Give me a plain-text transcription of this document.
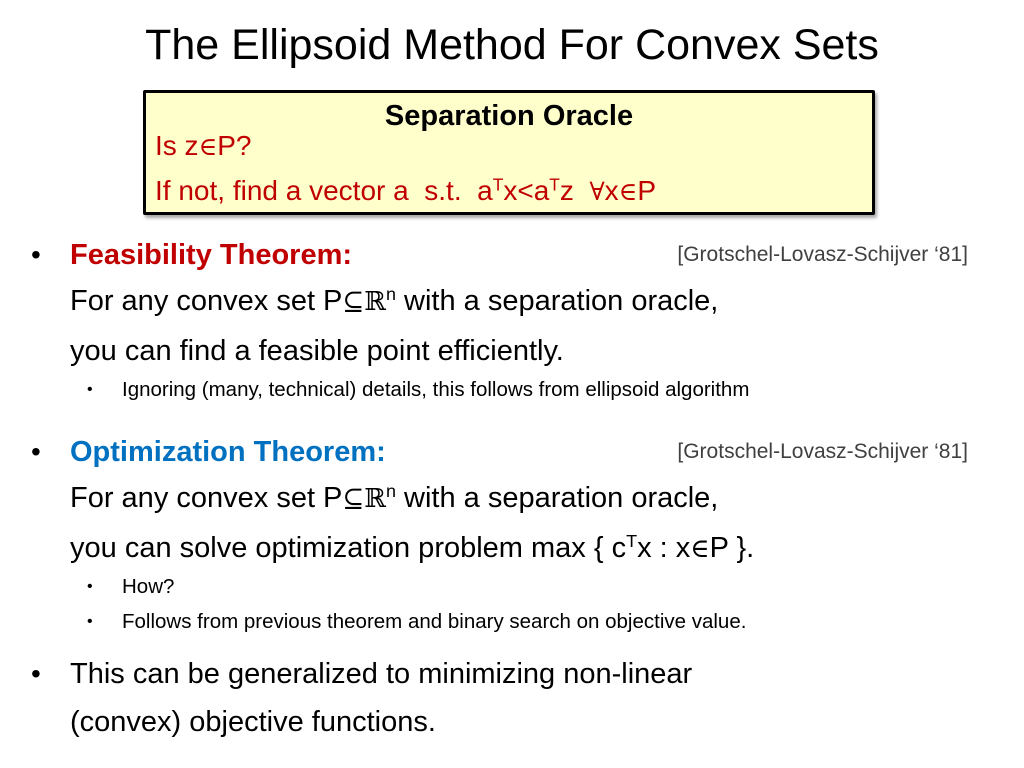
The Ellipsoid Method For Convex Sets
Separation Oracle
Is z∈P?
If not, find a vector a  s.t.  $a^Tx<a^Tz$  ∀x∈P
• Feasibility Theorem:	[Grotschel-Lovasz-Schijver ‘81]
For any convex set P⊆ℝ$^n$ with a separation oracle,
you can find a feasible point efficiently.
• Ignoring (many, technical) details, this follows from ellipsoid algorithm
• Optimization Theorem:	[Grotschel-Lovasz-Schijver ‘81]
For any convex set P⊆ℝ$^n$ with a separation oracle,
you can solve optimization problem max { $c^Tx$ : x∈P }.
• How?
• Follows from previous theorem and binary search on objective value.
• This can be generalized to minimizing non-linear
(convex) objective functions.
